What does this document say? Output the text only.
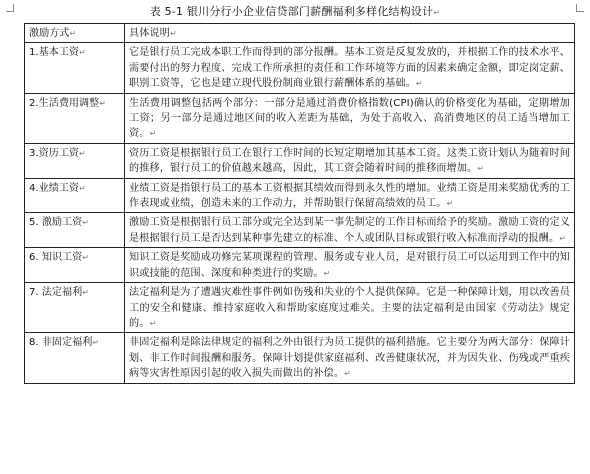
表 5-1 银川分行小企业信贷部门薪酬福利多样化结构设计↵
激励方式↵	具体说明↵
1.基本工资↵	它是银行员工完成本职工作而得到的部分报酬。基本工资是反复发放的，并根据工作的技术水平、需要付出的努力程度、完成工作所承担的责任和工作环境等方面的因素来确定金额，即定岗定薪、职别工资等，它也是建立现代股份制商业银行薪酬体系的基础。↵
2.生活费用调整↵	生活费用调整包括两个部分：一部分是通过消费价格指数(CPI)确认的价格变化为基础，定期增加工资；另一部分是通过地区间的收入差距为基础，为处于高收入、高消费地区的员工适当增加工资。↵
3.资历工资↵	资历工资是根据银行员工在银行工作时间的长短定期增加其基本工资。这类工资计划认为随着时间的推移，银行员工的价值越来越高，因此，其工资会随着时间的推移而增加。↵
4.业绩工资↵	业绩工资是指银行员工的基本工资根据其绩效而得到永久性的增加。业绩工资是用来奖励优秀的工作表现或业绩，创造未来的工作动力，并帮助银行保留高绩效的员工。↵
5. 激励工资↵	激励工资是根据银行员工部分或完全达到某一事先制定的工作目标而给予的奖励。激励工资的定义是根据银行员工是否达到某种事先建立的标准、个人或团队目标或银行收入标准而浮动的报酬。↵
6. 知识工资↵	知识工资是奖励成功修完某项课程的管理、服务或专业人员，是对银行员工可以运用到工作中的知识或技能的范围、深度和种类进行的奖励。↵
7. 法定福利↵	法定福利是为了遭遇灾难性事件例如伤残和失业的个人提供保障。它是一种保障计划，用以改善员工的安全和健康、维持家庭收入和帮助家庭度过难关。主要的法定福利是由国家《劳动法》规定的。↵
8. 非固定福利↵	非固定福利是除法律规定的福利之外由银行为员工提供的福利措施。它主要分为两大部分：保障计划、非工作时间报酬和服务。保障计划提供家庭福利、改善健康状况，并为因失业、伤残或严重疾病等灾害性原因引起的收入损失而做出的补偿。↵
